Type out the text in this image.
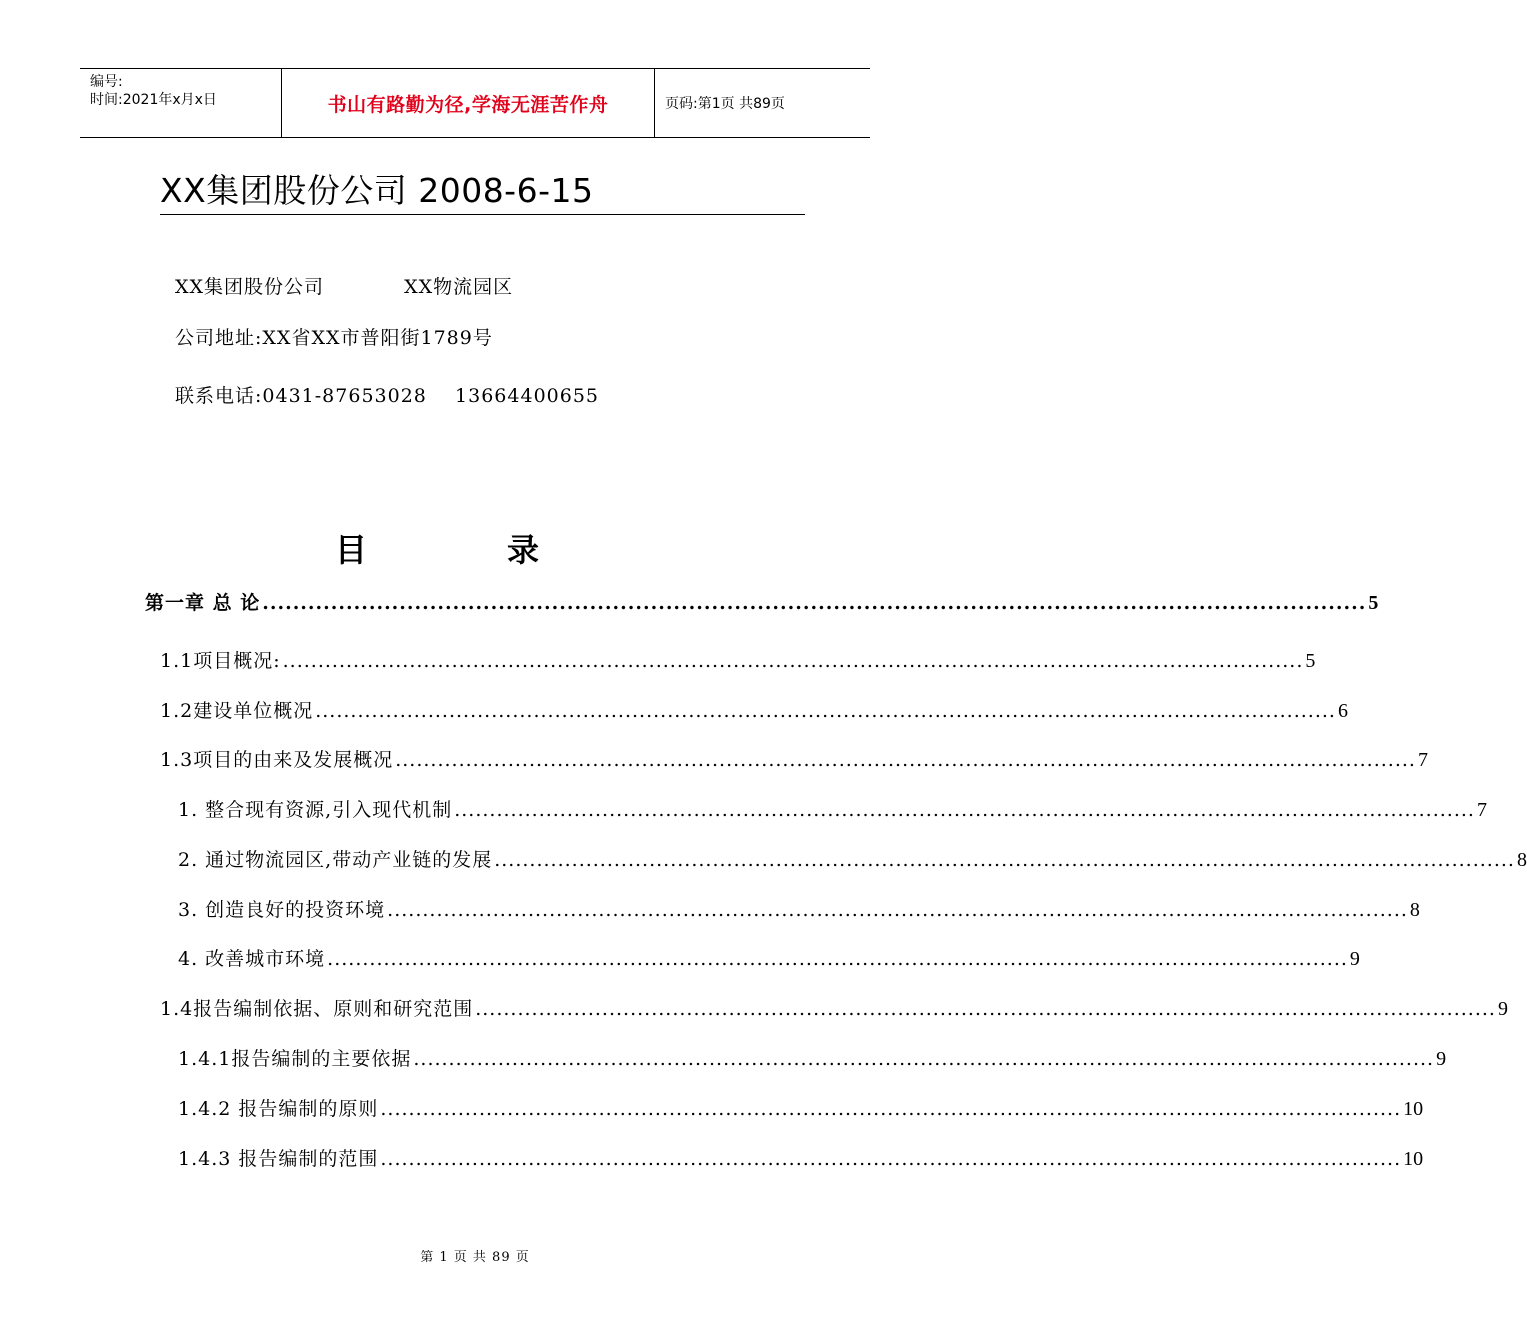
编号:
时间:2021年x月x日	书山有路勤为径,学海无涯苦作舟	页码:第1页 共89页
XX集团股份公司 2008-6-15
XX集团股份公司	XX物流园区
公司地址:XX省XX市普阳街1789号
联系电话:0431-87653028    13664400655
目	录
第一章 总 论 ................................................................................................................................................. 5
1.1项目概况: ................................................................................................................................................. 5
1.2建设单位概况 ................................................................................................................................................. 6
1.3项目的由来及发展概况 ................................................................................................................................................. 7
1. 整合现有资源,引入现代机制 ................................................................................................................................................. 7
2. 通过物流园区,带动产业链的发展 ................................................................................................................................................. 8
3. 创造良好的投资环境 ................................................................................................................................................. 8
4. 改善城市环境 ................................................................................................................................................. 9
1.4报告编制依据、原则和研究范围 ................................................................................................................................................. 9
1.4.1报告编制的主要依据 ................................................................................................................................................. 9
1.4.2 报告编制的原则 ................................................................................................................................................. 10
1.4.3 报告编制的范围 ................................................................................................................................................. 10
第 1 页 共 89 页
